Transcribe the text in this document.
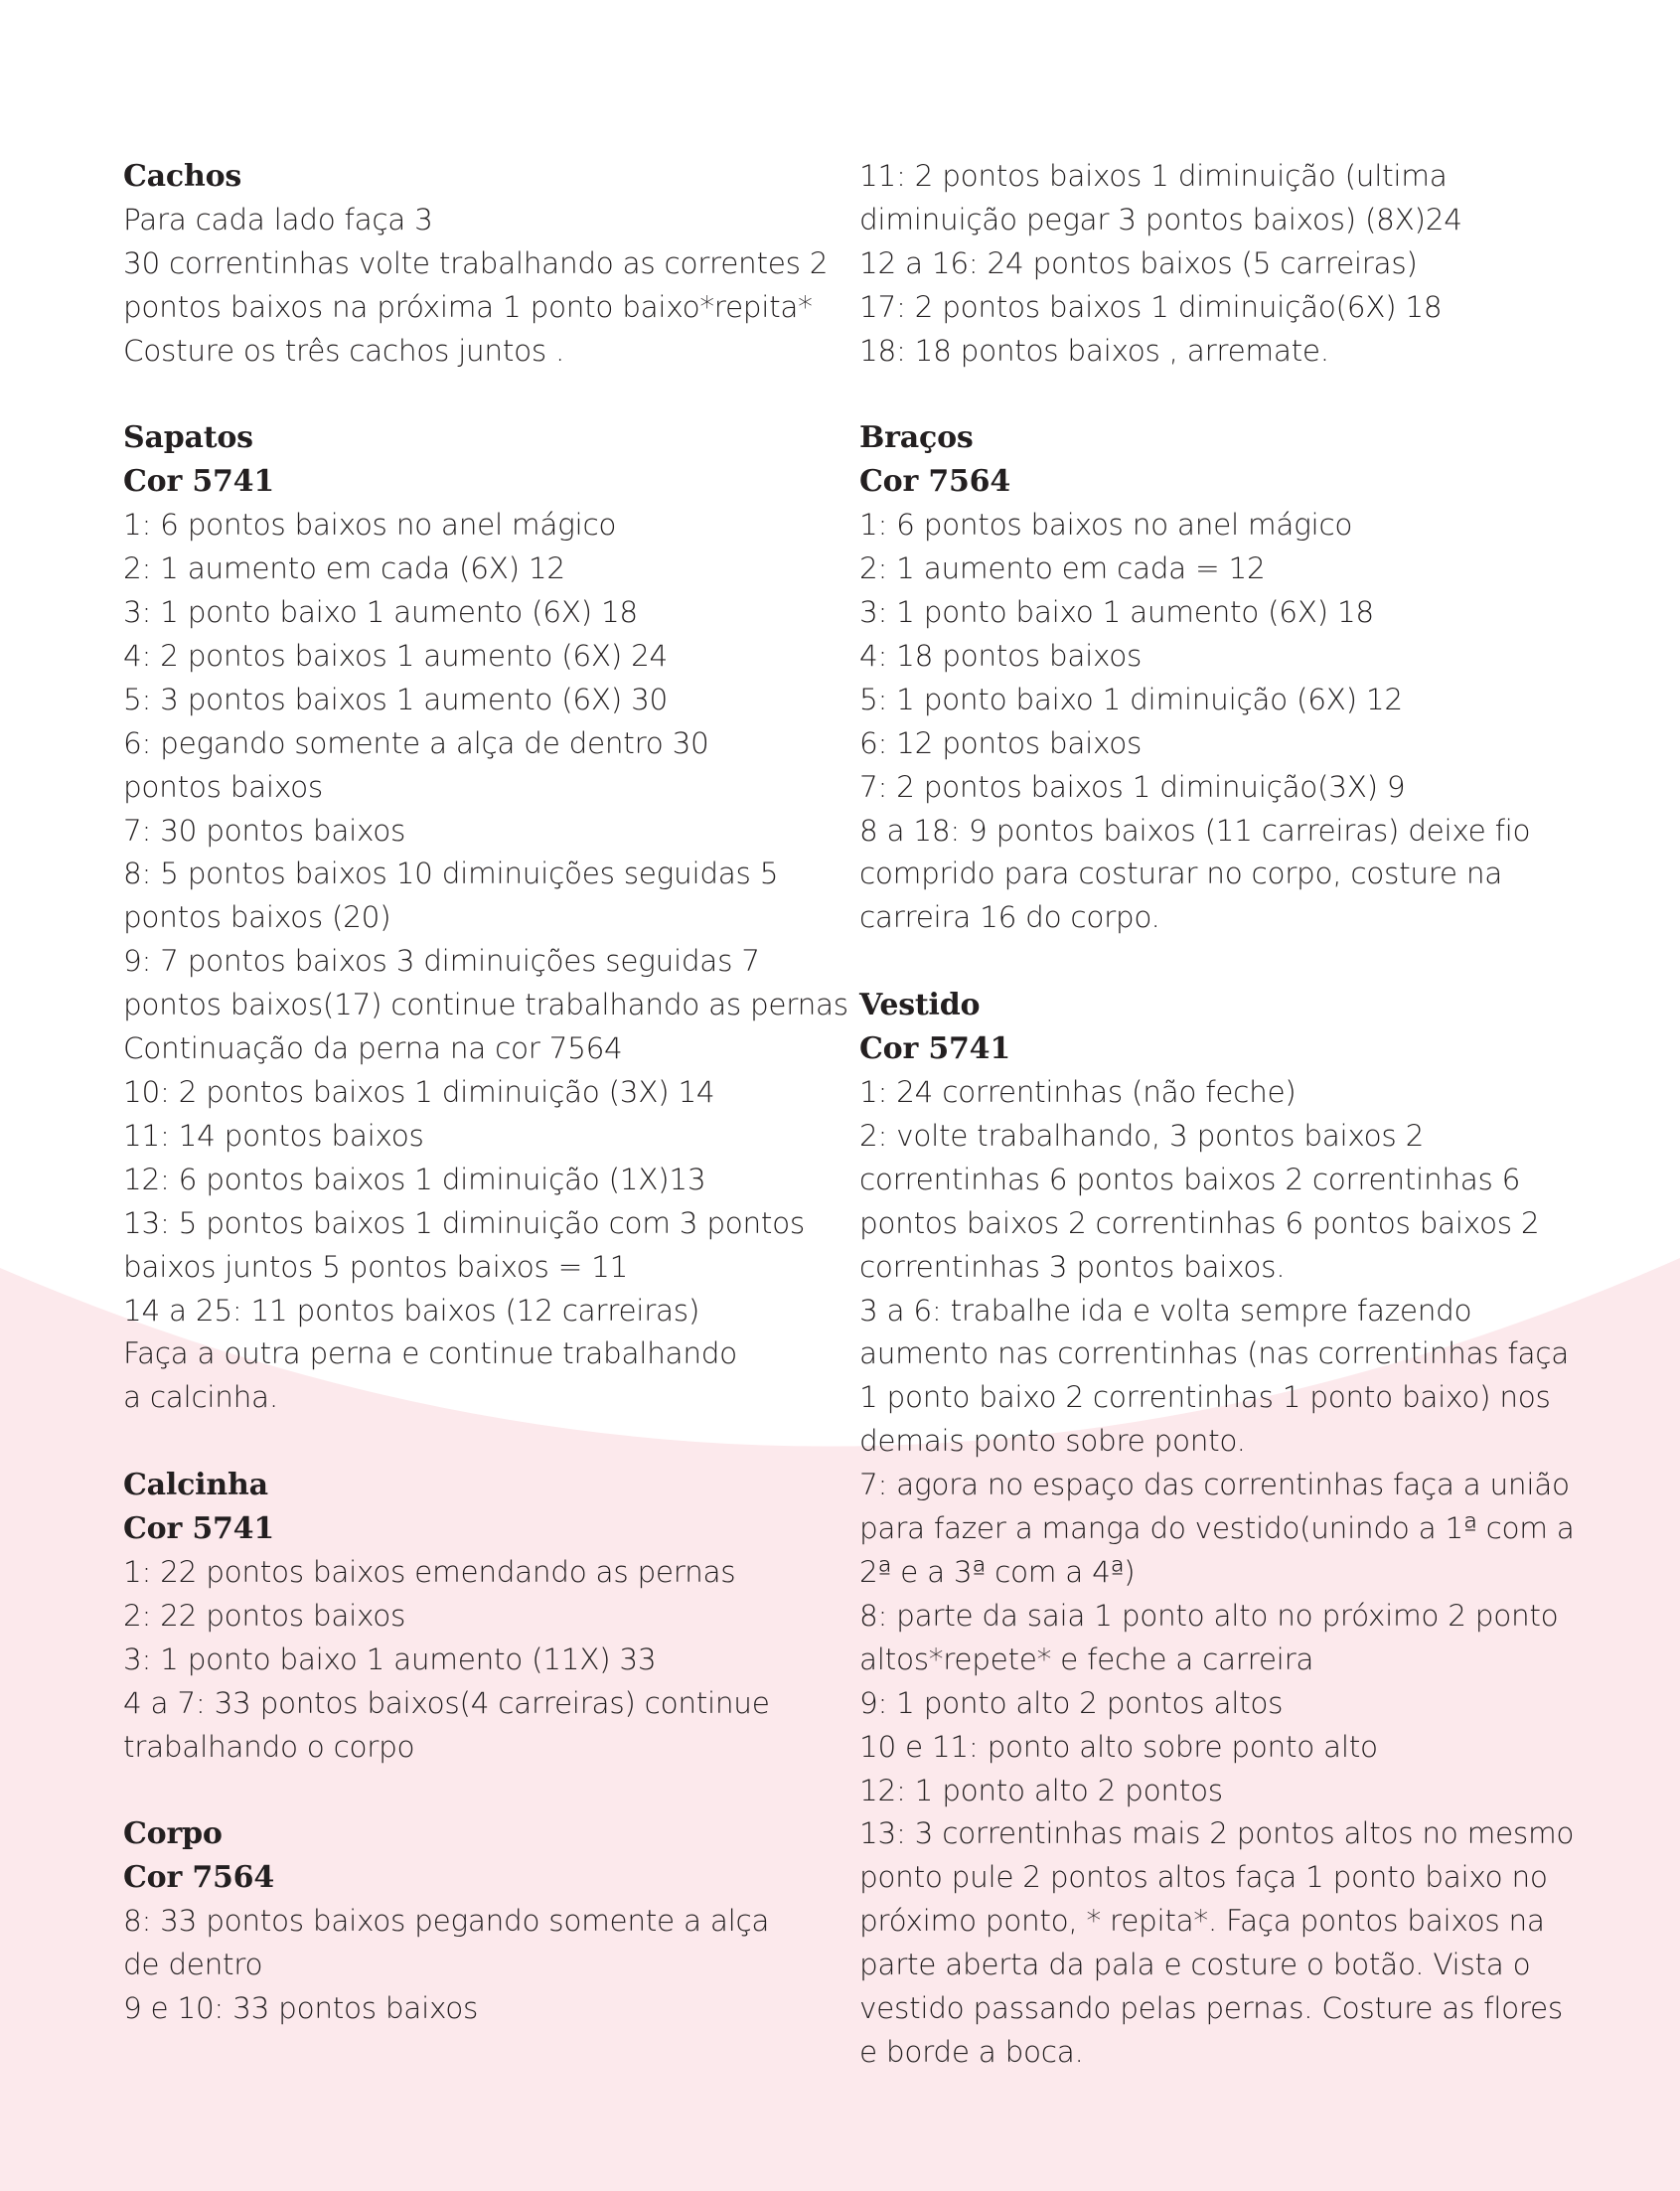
Cachos
Para cada lado faça 3
30 correntinhas volte trabalhando as correntes 2
pontos baixos na próxima 1 ponto baixo*repita*
Costure os três cachos juntos .
Sapatos
Cor 5741
1: 6 pontos baixos no anel mágico
2: 1 aumento em cada (6X) 12
3: 1 ponto baixo 1 aumento (6X) 18
4: 2 pontos baixos 1 aumento (6X) 24
5: 3 pontos baixos 1 aumento (6X) 30
6: pegando somente a alça de dentro 30
pontos baixos
7: 30 pontos baixos
8: 5 pontos baixos 10 diminuições seguidas 5
pontos baixos (20)
9: 7 pontos baixos 3 diminuições seguidas 7
pontos baixos(17) continue trabalhando as pernas
Continuação da perna na cor 7564
10: 2 pontos baixos 1 diminuição (3X) 14
11: 14 pontos baixos
12: 6 pontos baixos 1 diminuição (1X)13
13: 5 pontos baixos 1 diminuição com 3 pontos
baixos juntos 5 pontos baixos = 11
14 a 25: 11 pontos baixos (12 carreiras)
Faça a outra perna e continue trabalhando
a calcinha.
Calcinha
Cor 5741
1: 22 pontos baixos emendando as pernas
2: 22 pontos baixos
3: 1 ponto baixo 1 aumento (11X) 33
4 a 7: 33 pontos baixos(4 carreiras) continue
trabalhando o corpo
Corpo
Cor 7564
8: 33 pontos baixos pegando somente a alça
de dentro
9 e 10: 33 pontos baixos
11: 2 pontos baixos 1 diminuição (ultima
diminuição pegar 3 pontos baixos) (8X)24
12 a 16: 24 pontos baixos (5 carreiras)
17: 2 pontos baixos 1 diminuição(6X) 18
18: 18 pontos baixos , arremate.
Braços
Cor 7564
1: 6 pontos baixos no anel mágico
2: 1 aumento em cada = 12
3: 1 ponto baixo 1 aumento (6X) 18
4: 18 pontos baixos
5: 1 ponto baixo 1 diminuição (6X) 12
6: 12 pontos baixos
7: 2 pontos baixos 1 diminuição(3X) 9
8 a 18: 9 pontos baixos (11 carreiras) deixe fio
comprido para costurar no corpo, costure na
carreira 16 do corpo.
Vestido
Cor 5741
1: 24 correntinhas (não feche)
2: volte trabalhando, 3 pontos baixos 2
correntinhas 6 pontos baixos 2 correntinhas 6
pontos baixos 2 correntinhas 6 pontos baixos 2
correntinhas 3 pontos baixos.
3 a 6: trabalhe ida e volta sempre fazendo
aumento nas correntinhas (nas correntinhas faça
1 ponto baixo 2 correntinhas 1 ponto baixo) nos
demais ponto sobre ponto.
7: agora no espaço das correntinhas faça a união
para fazer a manga do vestido(unindo a 1ª com a
2ª e a 3ª com a 4ª)
8: parte da saia 1 ponto alto no próximo 2 ponto
altos*repete* e feche a carreira
9: 1 ponto alto 2 pontos altos
10 e 11: ponto alto sobre ponto alto
12: 1 ponto alto 2 pontos
13: 3 correntinhas mais 2 pontos altos no mesmo
ponto pule 2 pontos altos faça 1 ponto baixo no
próximo ponto, * repita*. Faça pontos baixos na
parte aberta da pala e costure o botão. Vista o
vestido passando pelas pernas. Costure as flores
e borde a boca.
